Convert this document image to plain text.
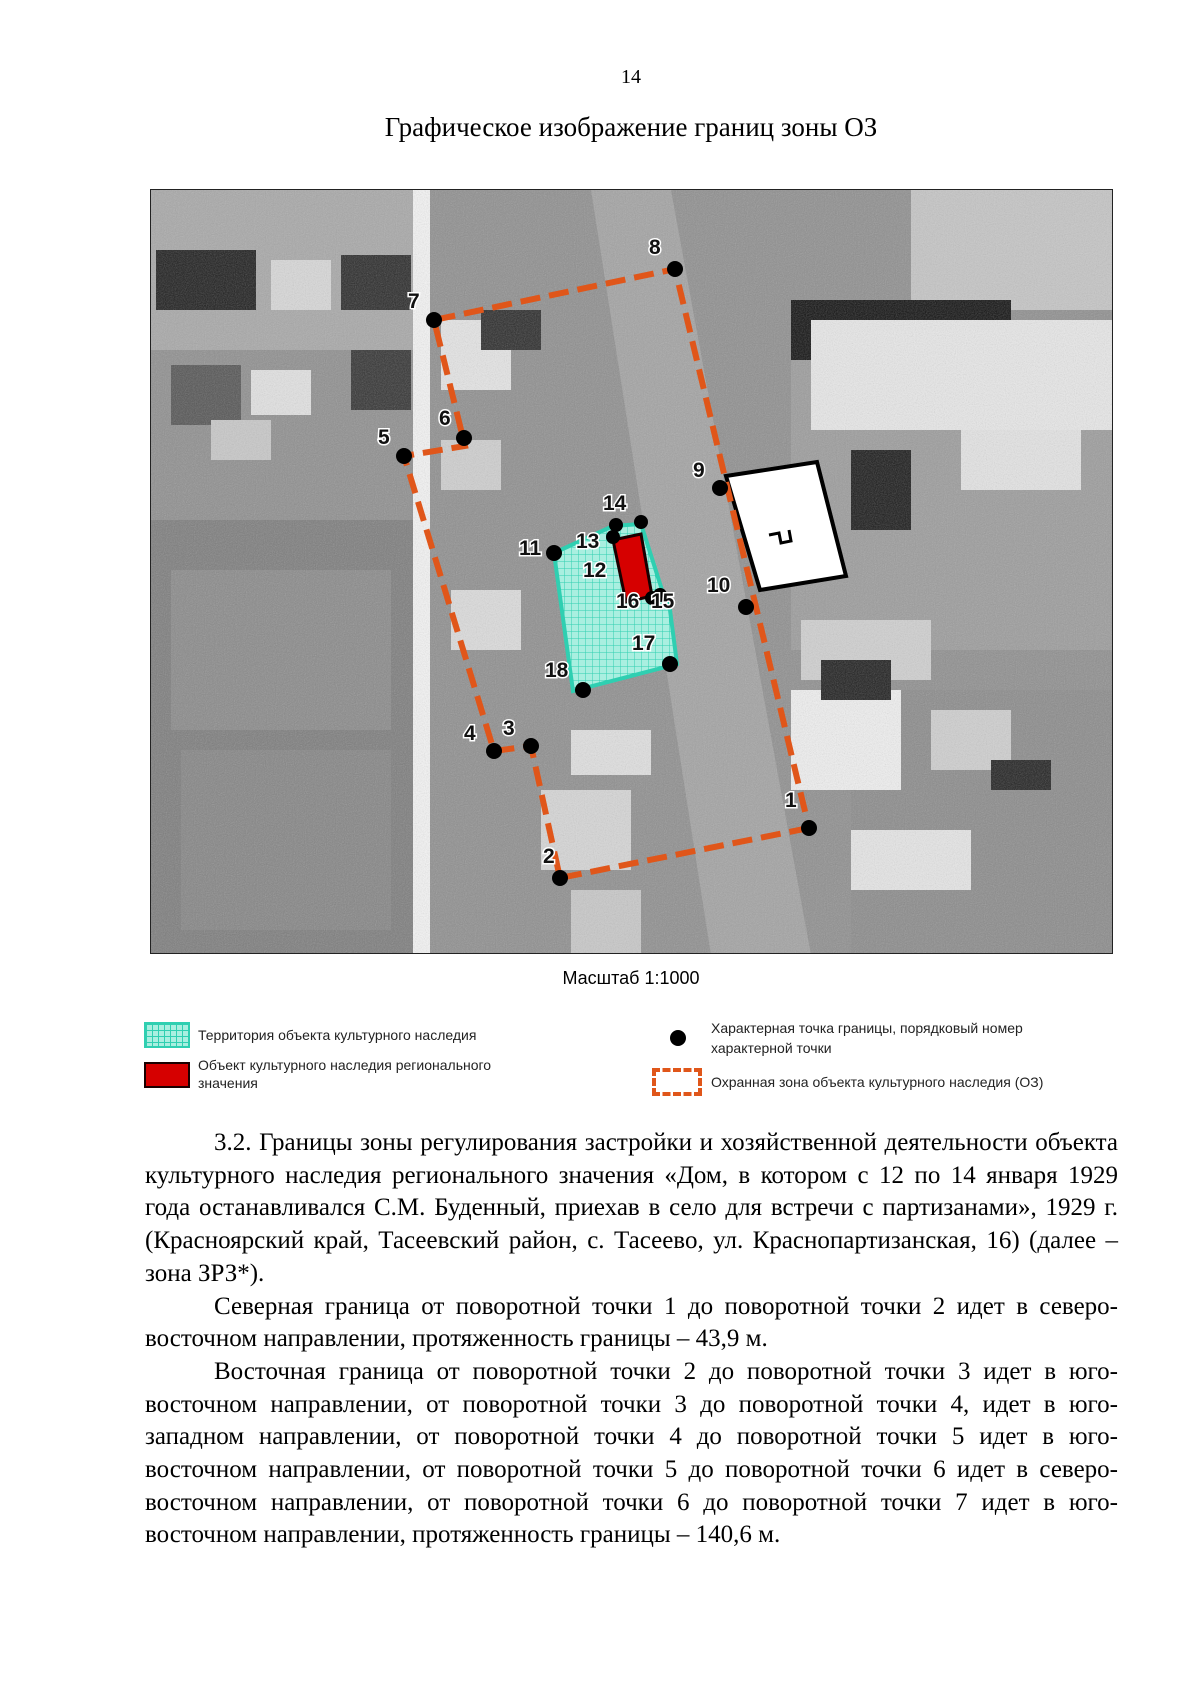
14
Графическое изображение границ зоны ОЗ
1
2
3
4
5
6
7
8
9
10
11
12
13
14
15
16
17
18
Масштаб 1:1000
Территория объекта культурного наследия
Объект культурного наследия регионального
значения
Характерная точка границы, порядковый номер
характерной точки
Охранная зона объекта культурного наследия (ОЗ)

3.2. Границы зоны регулирования застройки и хозяйственной деятельности объекта культурного наследия регионального значения «Дом, в котором с 12 по 14 января 1929 года останавливался С.М. Буденный, приехав в село для встречи с партизанами», 1929 г. (Красноярский край, Тасеевский район, с. Тасеево, ул. Краснопартизанская, 16) (далее – зона ЗРЗ*).

Северная граница от поворотной точки 1 до поворотной точки 2 идет в северо-восточном направлении, протяженность границы – 43,9 м.

Восточная граница от поворотной точки 2 до поворотной точки 3 идет в юго-восточном направлении, от поворотной точки 3 до поворотной точки 4, идет в юго-западном направлении, от поворотной точки 4 до поворотной точки 5 идет в юго-восточном направлении, от поворотной точки 5 до поворотной точки 6 идет в северо-восточном направлении, от поворотной точки 6 до поворотной точки 7 идет в юго-восточном направлении, протяженность границы – 140,6 м.
